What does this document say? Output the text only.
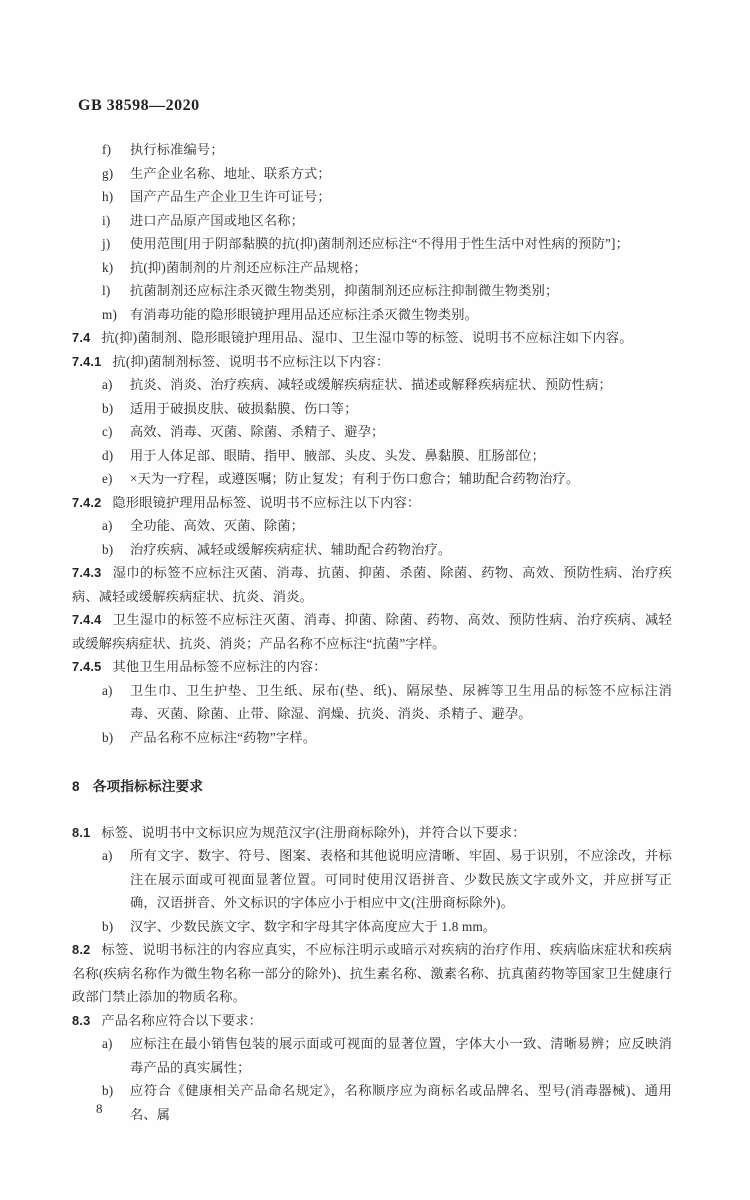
GB 38598—2020

f) 执行标准编号；

g) 生产企业名称、地址、联系方式；

h) 国产产品生产企业卫生许可证号；

i) 进口产品原产国或地区名称；

j) 使用范围[用于阴部黏膜的抗(抑)菌制剂还应标注“不得用于性生活中对性病的预防”]；

k) 抗(抑)菌制剂的片剂还应标注产品规格；

l) 抗菌制剂还应标注杀灭微生物类别，抑菌制剂还应标注抑制微生物类别；

m) 有消毒功能的隐形眼镜护理用品还应标注杀灭微生物类别。

7.4 抗(抑)菌制剂、隐形眼镜护理用品、湿巾、卫生湿巾等的标签、说明书不应标注如下内容。

7.4.1 抗(抑)菌制剂标签、说明书不应标注以下内容：

a) 抗炎、消炎、治疗疾病、减轻或缓解疾病症状、描述或解释疾病症状、预防性病；

b) 适用于破损皮肤、破损黏膜、伤口等；

c) 高效、消毒、灭菌、除菌、杀精子、避孕；

d) 用于人体足部、眼睛、指甲、腋部、头皮、头发、鼻黏膜、肛肠部位；

e) ×天为一疗程，或遵医嘱；防止复发；有利于伤口愈合；辅助配合药物治疗。

7.4.2 隐形眼镜护理用品标签、说明书不应标注以下内容：

a) 全功能、高效、灭菌、除菌；

b) 治疗疾病、减轻或缓解疾病症状、辅助配合药物治疗。

7.4.3 湿巾的标签不应标注灭菌、消毒、抗菌、抑菌、杀菌、除菌、药物、高效、预防性病、治疗疾病、减轻或缓解疾病症状、抗炎、消炎。

7.4.4 卫生湿巾的标签不应标注灭菌、消毒、抑菌、除菌、药物、高效、预防性病、治疗疾病、减轻或缓解疾病症状、抗炎、消炎；产品名称不应标注“抗菌”字样。

7.4.5 其他卫生用品标签不应标注的内容：

a) 卫生巾、卫生护垫、卫生纸、尿布(垫、纸)、隔尿垫、尿裤等卫生用品的标签不应标注消毒、灭菌、除菌、止带、除湿、润燥、抗炎、消炎、杀精子、避孕。

b) 产品名称不应标注“药物”字样。

8 各项指标标注要求

8.1 标签、说明书中文标识应为规范汉字(注册商标除外)，并符合以下要求：

a) 所有文字、数字、符号、图案、表格和其他说明应清晰、牢固、易于识别，不应涂改，并标注在展示面或可视面显著位置。可同时使用汉语拼音、少数民族文字或外文，并应拼写正确，汉语拼音、外文标识的字体应小于相应中文(注册商标除外)。

b) 汉字、少数民族文字、数字和字母其字体高度应大于 1.8 mm。

8.2 标签、说明书标注的内容应真实，不应标注明示或暗示对疾病的治疗作用、疾病临床症状和疾病名称(疾病名称作为微生物名称一部分的除外)、抗生素名称、激素名称、抗真菌药物等国家卫生健康行政部门禁止添加的物质名称。

8.3 产品名称应符合以下要求：

a) 应标注在最小销售包装的展示面或可视面的显著位置，字体大小一致、清晰易辨；应反映消毒产品的真实属性；

b) 应符合《健康相关产品命名规定》，名称顺序应为商标名或品牌名、型号(消毒器械)、通用名、属

8
